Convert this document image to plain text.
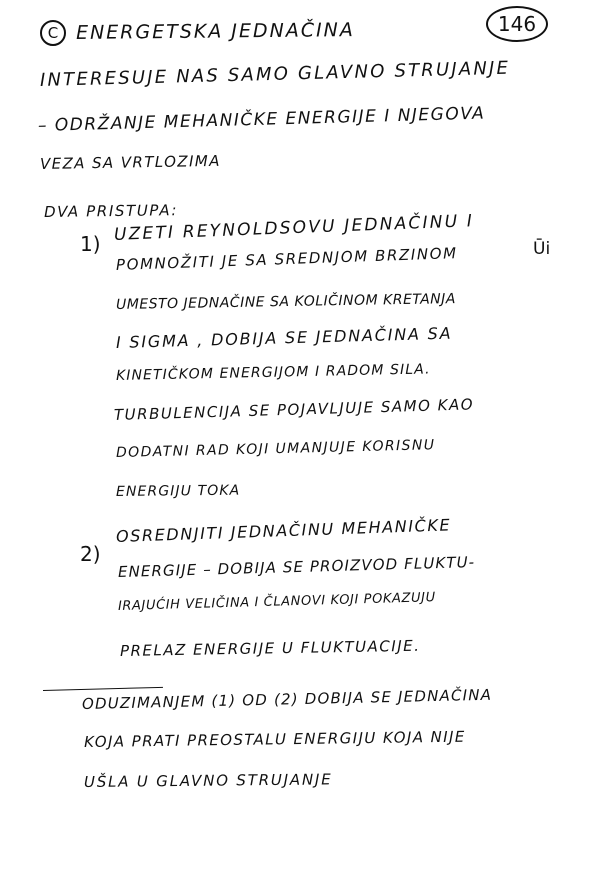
C ENERGETSKA JEDNAČINA	146
INTERESUJE NAS SAMO GLAVNO STRUJANJE
– ODRŽANJE MEHANIČKE ENERGIJE I NJEGOVA
VEZA SA VRTLOZIMA
DVA PRISTUPA:
1) UZETI REYNOLDSOVU JEDNAČINU I
Ūi
POMNOŽITI JE SA SREDNJOM BRZINOM
UMESTO JEDNAČINE SA KOLIČINOM KRETANJA
I SIGMA , DOBIJA SE JEDNAČINA SA
KINETIČKOM ENERGIJOM I RADOM SILA.
TURBULENCIJA SE POJAVLJUJE SAMO KAO
DODATNI RAD KOJI UMANJUJE KORISNU
ENERGIJU TOKA
2)
OSREDNJITI JEDNAČINU MEHANIČKE
ENERGIJE – DOBIJA SE PROIZVOD FLUKTU-
IRAJUĆIH VELIČINA I ČLANOVI KOJI POKAZUJU
PRELAZ ENERGIJE U FLUKTUACIJE.
ODUZIMANJEM (1) OD (2) DOBIJA SE JEDNAČINA
KOJA PRATI PREOSTALU ENERGIJU KOJA NIJE
UŠLA U GLAVNO STRUJANJE
